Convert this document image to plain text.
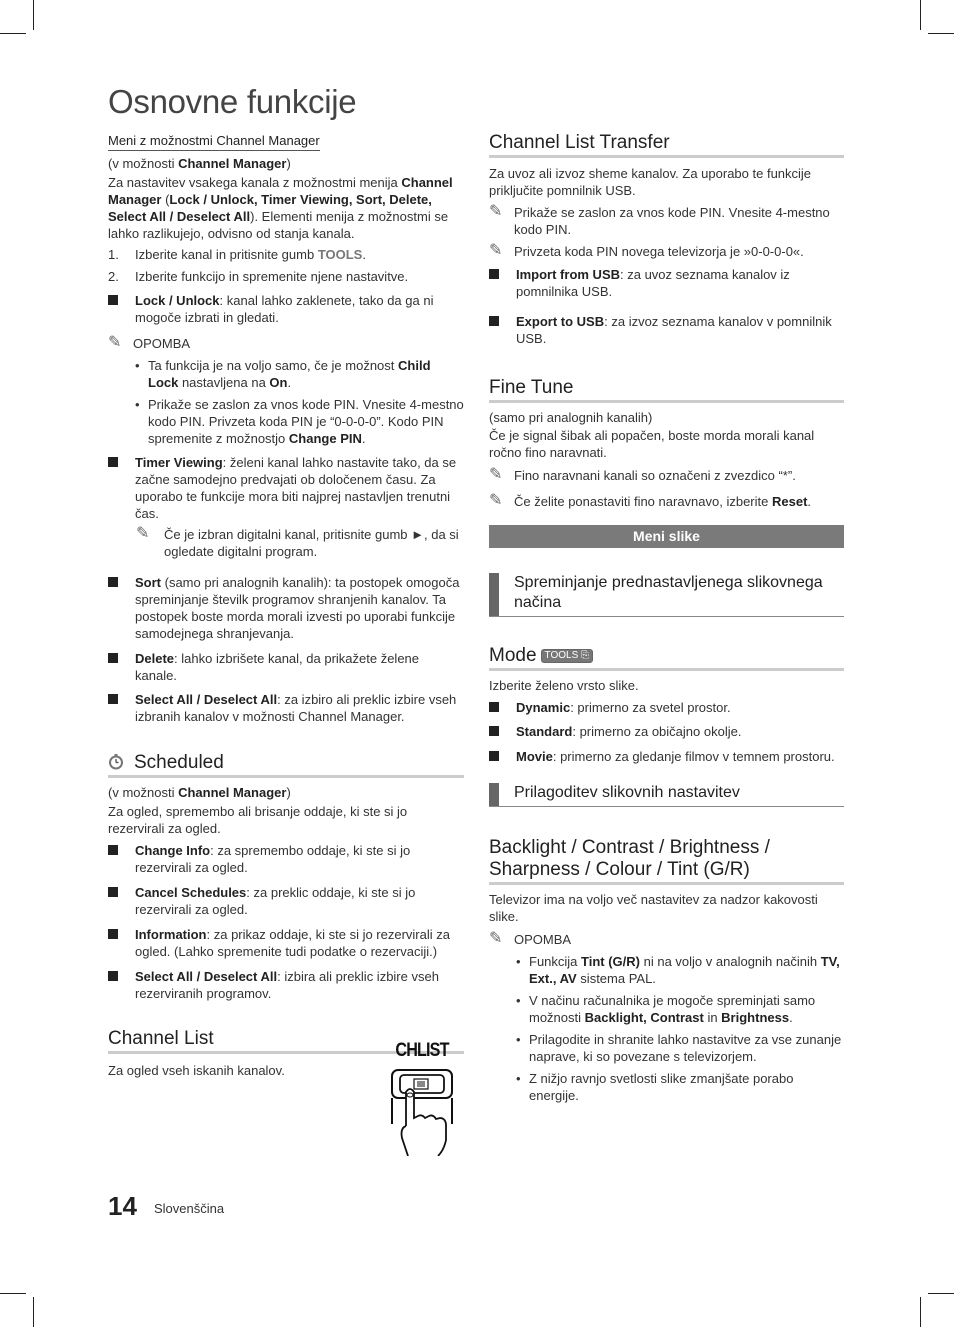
Osnovne funkcije
Meni z možnostmi Channel Manager
(v možnosti Channel Manager)
Za nastavitev vsakega kanala z možnostmi menija Channel Manager (Lock / Unlock, Timer Viewing, Sort, Delete, Select All / Deselect All). Elementi menija z možnostmi se lahko razlikujejo, odvisno od stanja kanala.
1. Izberite kanal in pritisnite gumb TOOLS.
2. Izberite funkcijo in spremenite njene nastavitve.
Lock / Unlock: kanal lahko zaklenete, tako da ga ni mogoče izbrati in gledati.
✎ OPOMBA
• Ta funkcija je na voljo samo, če je možnost Child Lock nastavljena na On.
• Prikaže se zaslon za vnos kode PIN. Vnesite 4-mestno kodo PIN. Privzeta koda PIN je “0-0-0-0”. Kodo PIN spremenite z možnostjo Change PIN.
Timer Viewing: želeni kanal lahko nastavite tako, da se začne samodejno predvajati ob določenem času. Za uporabo te funkcije mora biti najprej nastavljen trenutni čas.
✎ Če je izbran digitalni kanal, pritisnite gumb ►, da si ogledate digitalni program.
Sort (samo pri analognih kanalih): ta postopek omogoča spreminjanje številk programov shranjenih kanalov. Ta postopek boste morda morali izvesti po uporabi funkcije samodejnega shranjevanja.
Delete: lahko izbrišete kanal, da prikažete želene kanale.
Select All / Deselect All: za izbiro ali preklic izbire vseh izbranih kanalov v možnosti Channel Manager.
Scheduled
(v možnosti Channel Manager)
Za ogled, spremembo ali brisanje oddaje, ki ste si jo rezervirali za ogled.
Change Info: za spremembo oddaje, ki ste si jo rezervirali za ogled.
Cancel Schedules: za preklic oddaje, ki ste si jo rezervirali za ogled.
Information: za prikaz oddaje, ki ste si jo rezervirali za ogled. (Lahko spremenite tudi podatke o rezervaciji.)
Select All / Deselect All: izbira ali preklic izbire vseh rezerviranih programov.
Channel List
Za ogled vseh iskanih kanalov.
CHLIST
Channel List Transfer
Za uvoz ali izvoz sheme kanalov. Za uporabo te funkcije priključite pomnilnik USB.
✎ Prikaže se zaslon za vnos kode PIN. Vnesite 4-mestno kodo PIN.
✎ Privzeta koda PIN novega televizorja je »0-0-0-0«.
Import from USB: za uvoz seznama kanalov iz pomnilnika USB.
Export to USB: za izvoz seznama kanalov v pomnilnik USB.
Fine Tune
(samo pri analognih kanalih)
Če je signal šibak ali popačen, boste morda morali kanal ročno fino naravnati.
✎ Fino naravnani kanali so označeni z zvezdico “*”.
✎ Če želite ponastaviti fino naravnavo, izberite Reset.
Meni slike
Spreminjanje prednastavljenega slikovnega načina
Mode TOOLS ⎘
Izberite želeno vrsto slike.
Dynamic: primerno za svetel prostor.
Standard: primerno za običajno okolje.
Movie: primerno za gledanje filmov v temnem prostoru.
Prilagoditev slikovnih nastavitev
Backlight / Contrast / Brightness / Sharpness / Colour / Tint (G/R)
Televizor ima na voljo več nastavitev za nadzor kakovosti slike.
✎ OPOMBA
• Funkcija Tint (G/R) ni na voljo v analognih načinih TV, Ext., AV sistema PAL.
• V načinu računalnika je mogoče spreminjati samo možnosti Backlight, Contrast in Brightness.
• Prilagodite in shranite lahko nastavitve za vse zunanje naprave, ki so povezane s televizorjem.
• Z nižjo ravnjo svetlosti slike zmanjšate porabo energije.
14 Slovenščina
